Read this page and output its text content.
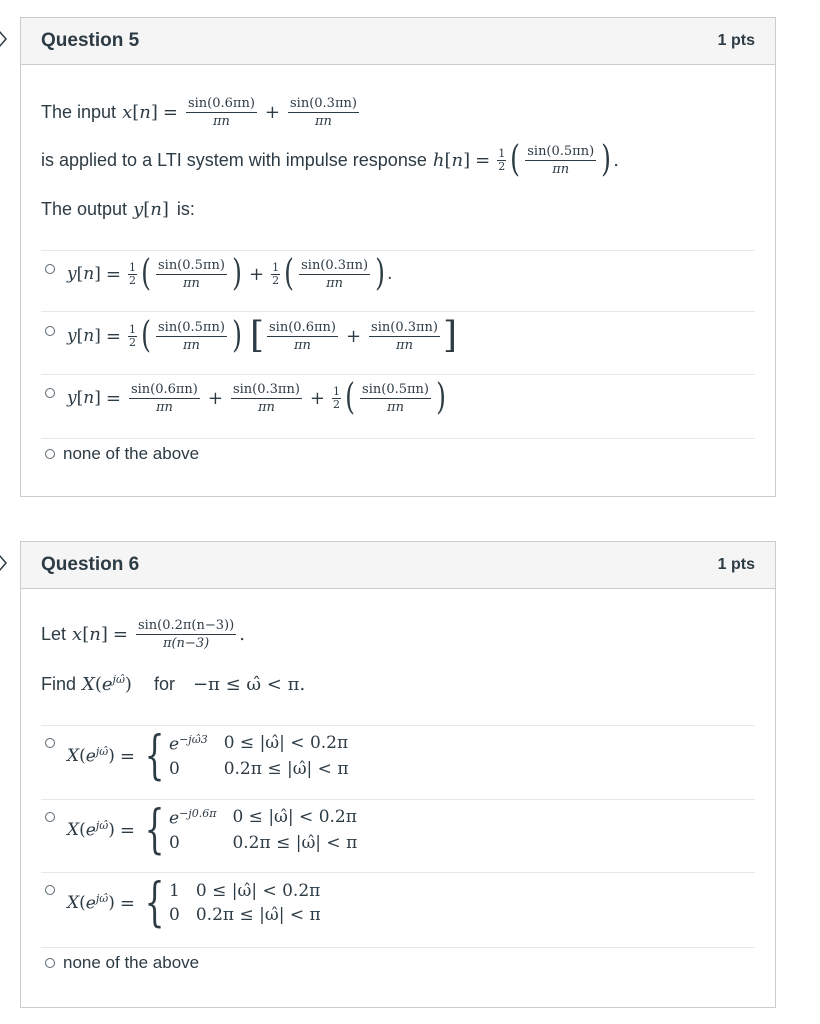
Question 5	1 pts
The input x [ n ] = $\frac{\sin(0.6\pi n)}{\pi n} + \frac{\sin(0.3\pi n)}{\pi n}$
is applied to a LTI system with impulse response h [ n ] = $\frac{1}{2}$ ( $\frac{\sin(0.5\pi n)}{\pi n}$ ) .
The output y [ n ] is:
y [ n ] = $\frac{1}{2}$ ( $\frac{\sin(0.5\pi n)}{\pi n}$ ) + $\frac{1}{2}$ ( $\frac{\sin(0.3\pi n)}{\pi n}$ ) .
y [ n ] = $\frac{1}{2}$ ( $\frac{\sin(0.5\pi n)}{\pi n}$ ) [ $\frac{\sin(0.6\pi n)}{\pi n} + \frac{\sin(0.3\pi n)}{\pi n}$ ]
y [ n ] = $\frac{\sin(0.6\pi n)}{\pi n} + \frac{\sin(0.3\pi n)}{\pi n} + \frac{1}{2}$ ( $\frac{\sin(0.5\pi n)}{\pi n}$ )
none of the above
Question 6	1 pts
Let x [ n ] = $\frac{\sin(0.2\pi(n-3))}{\pi(n-3)}$ .
Find X ( $e^{j\omegâ}$ ) for −π ≤ ω̂ < π.
X ( $e^{j\omegâ}$ ) = { $e^{-j\omegâ3}$ 0 ≤ |ω̂| < 0.2π
0	0.2π ≤ |ω̂| < π
X ( $e^{j\omegâ}$ ) = { $e^{-j0.6\pi}$ 0 ≤ |ω̂| < 0.2π
0	0.2π ≤ |ω̂| < π
X ( $e^{j\omegâ}$ ) = { 1 0 ≤ |ω̂| < 0.2π
0 0.2π ≤ |ω̂| < π
none of the above
